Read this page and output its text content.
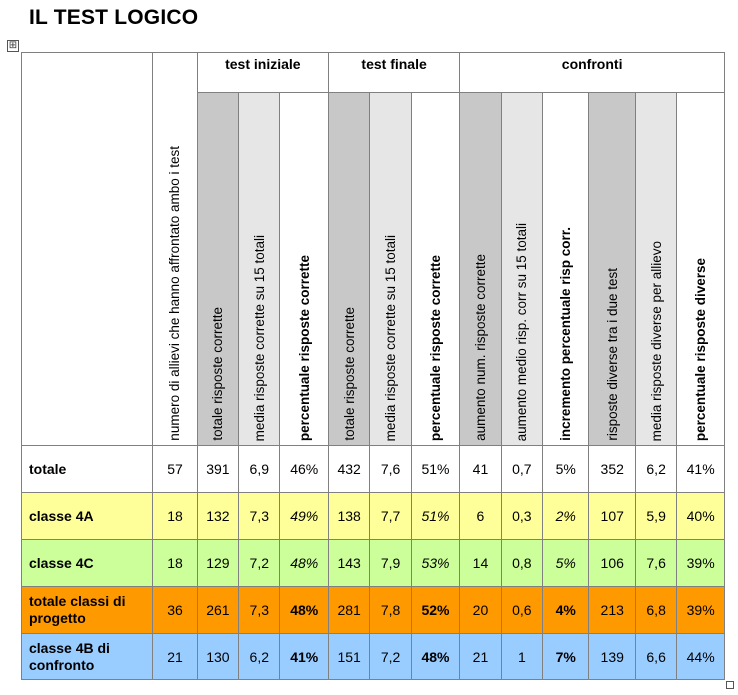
IL TEST LOGICO
⊞

	numero di allievi che hanno affrontato ambo i test	test iniziale			test finale			confronti					

		totale risposte corrette	media risposte corrette su 15 totali	percentuale risposte corrette	totale risposte corrette	media risposte corrette su 15 totali	percentuale risposte corrette	aumento num. risposte corrette	aumento medio risp. corr su 15 totali	incremento percentuale risp corr.	risposte diverse tra i due test	media risposte diverse per allievo	percentuale risposte diverse

totale	57	391	6,9	46%	432	7,6	51%	41	0,7	5%	352	6,2	41%
classe 4A	18	132	7,3	49%	138	7,7	51%	6	0,3	2%	107	5,9	40%
classe 4C	18	129	7,2	48%	143	7,9	53%	14	0,8	5%	106	7,6	39%
totale classi di progetto	36	261	7,3	48%	281	7,8	52%	20	0,6	4%	213	6,8	39%
classe 4B di confronto	21	130	6,2	41%	151	7,2	48%	21	1	7%	139	6,6	44%
